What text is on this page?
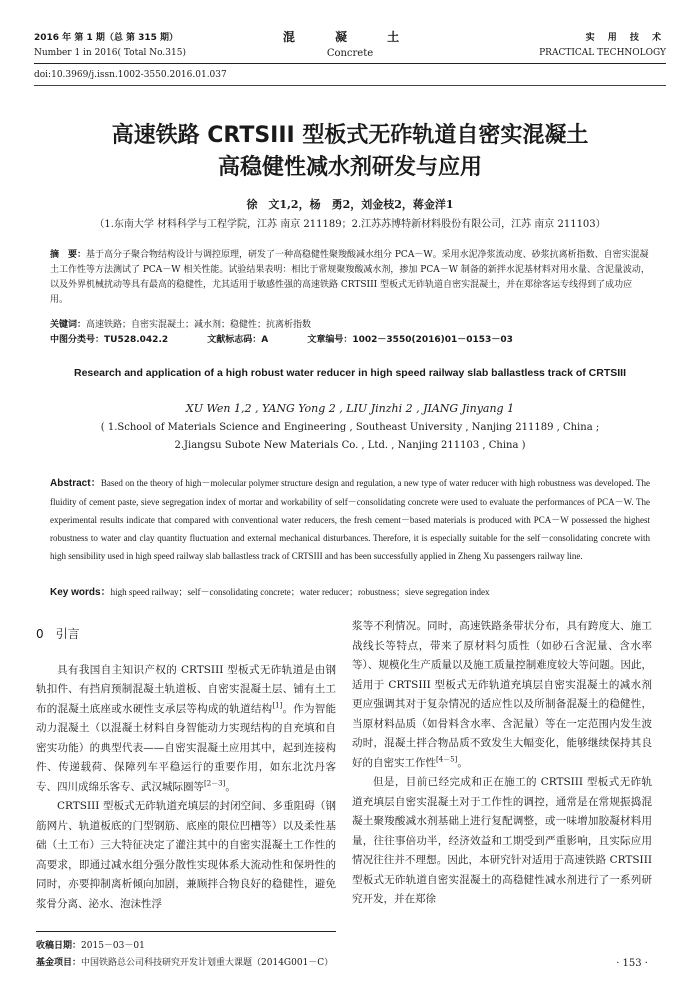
2016 年 第 1 期（总 第 315 期）
Number 1 in 2016( Total No.315)
混 凝 土
Concrete
实 用 技 术
PRACTICAL TECHNOLOGY
doi:10.3969/j.issn.1002-3550.2016.01.037
高速铁路 CRTSIII 型板式无砟轨道自密实混凝土
高稳健性减水剂研发与应用
徐　文1,2，杨　勇2，刘金枝2，蒋金洋1
（1.东南大学 材料科学与工程学院，江苏 南京 211189；2.江苏苏博特新材料股份有限公司，江苏 南京 211103）
摘　要：基于高分子聚合物结构设计与调控原理，研发了一种高稳健性聚羧酸减水组分 PCA－W。采用水泥净浆流动度、砂浆抗离析指数、自密实混凝土工作性等方法测试了 PCA－W 相关性能。试验结果表明：相比于常规聚羧酸减水剂，掺加 PCA－W 制备的新拌水泥基材料对用水量、含泥量波动，以及外界机械扰动等具有最高的稳健性，尤其适用于敏感性强的高速铁路 CRTSIII 型板式无砟轨道自密实混凝土，并在郑徐客运专线得到了成功应用。
关键词：高速铁路；自密实混凝土；减水剂；稳健性；抗离析指数
中图分类号：TU528.042.2	文献标志码：A	文章编号：1002－3550(2016)01－0153－03
Research and application of a high robust water reducer in high speed railway slab ballastless track of CRTSIII
XU Wen 1,2 , YANG Yong 2 , LIU Jinzhi 2 , JIANG Jinyang 1
( 1.School of Materials Science and Engineering , Southeast University , Nanjing 211189 , China ;
2.Jiangsu Subote New Materials Co. , Ltd. , Nanjing 211103 , China )
Abstract：Based on the theory of high－molecular polymer structure design and regulation, a new type of water reducer with high robustness was developed. The fluidity of cement paste, sieve segregation index of mortar and workability of self－consolidating concrete were used to evaluate the performances of PCA－W. The experimental results indicate that compared with conventional water reducers, the fresh cement－based materials is produced with PCA－W possessed the highest robustness to water and clay quantity fluctuation and external mechanical disturbances. Therefore, it is especially suitable for the self－consolidating concrete with high sensibility used in high speed railway slab ballastless track of CRTSIII and has been successfully applied in Zheng Xu passengers railway line.
Key words：high speed railway；self－consolidating concrete；water reducer；robustness；sieve segregation index
0　引言

具有我国自主知识产权的 CRTSIII 型板式无砟轨道是由钢轨扣件、有挡肩预制混凝土轨道板、自密实混凝土层、铺有土工布的混凝土底座或水硬性支承层等构成的轨道结构[1]。作为智能动力混凝土（以混凝土材料自身智能动力实现结构的自充填和自密实功能）的典型代表——自密实混凝土应用其中，起到连接构件、传递载荷、保障列车平稳运行的重要作用，如东北沈丹客专、四川成绵乐客专、武汉城际圈等[2－3]。

CRTSIII 型板式无砟轨道充填层的封闭空间、多重阻碍（钢筋网片、轨道板底的门型钢筋、底座的限位凹槽等）以及柔性基础（土工布）三大特征决定了灌注其中的自密实混凝土工作性的高要求，即通过减水组分强分散性实现体系大流动性和保坍性的同时，亦要抑制离析倾向加剧，兼顾拌合物良好的稳健性，避免浆骨分离、泌水、泡沫性浮

浆等不利情况。同时，高速铁路条带状分布，具有跨度大、施工战线长等特点，带来了原材料匀质性（如砂石含泥量、含水率等）、规模化生产质量以及施工质量控制难度较大等问题。因此，适用于 CRTSIII 型板式无砟轨道充填层自密实混凝土的减水剂更应强调其对于复杂情况的适应性以及所制备混凝土的稳健性，当原材料品质（如骨料含水率、含泥量）等在一定范围内发生波动时，混凝土拌合物品质不致发生大幅变化，能够继续保持其良好的自密实工作性[4－5]。

但是，目前已经完成和正在施工的 CRTSIII 型板式无砟轨道充填层自密实混凝土对于工作性的调控，通常是在常规振捣混凝土聚羧酸减水剂基础上进行复配调整，或一味增加胶凝材料用量，往往事倍功半，经济效益和工期受到严重影响，且实际应用情况往往并不理想。因此，本研究针对适用于高速铁路 CRTSIII 型板式无砟轨道自密实混凝土的高稳健性减水剂进行了一系列研究开发，并在郑徐

收稿日期：2015－03－01
基金项目：中国铁路总公司科技研究开发计划重大课题（2014G001－C）	· 153 ·
